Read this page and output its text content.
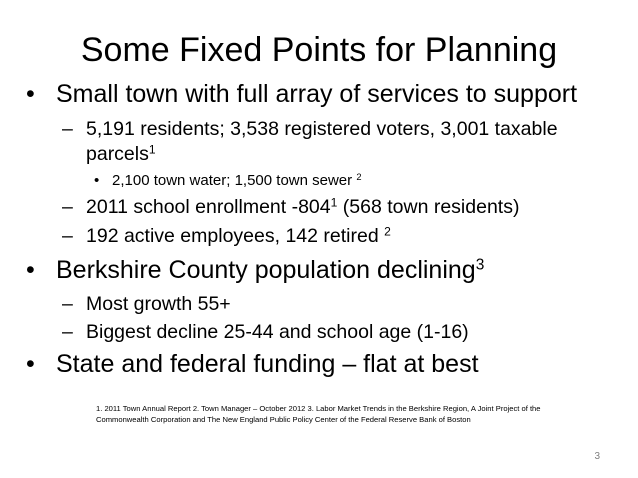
Some Fixed Points for Planning
• Small town with full array of services to support
– 5,191 residents; 3,538 registered voters, 3,001 taxable
parcels$^1$
• 2,100 town water; 1,500 town sewer $^2$
– 2011 school enrollment $-804^1$ (568 town residents)
– 192 active employees, 142 retired $^2$
• Berkshire County population declining$^3$
– Most growth 55+
– Biggest decline 25-44 and school age (1-16)
• State and federal funding – flat at best
1. 2011 Town Annual Report 2. Town Manager – October 2012 3. Labor Market Trends in the Berkshire Region, A Joint Project of the
Commonwealth Corporation and The New England Public Policy Center of the Federal Reserve Bank of Boston
3
